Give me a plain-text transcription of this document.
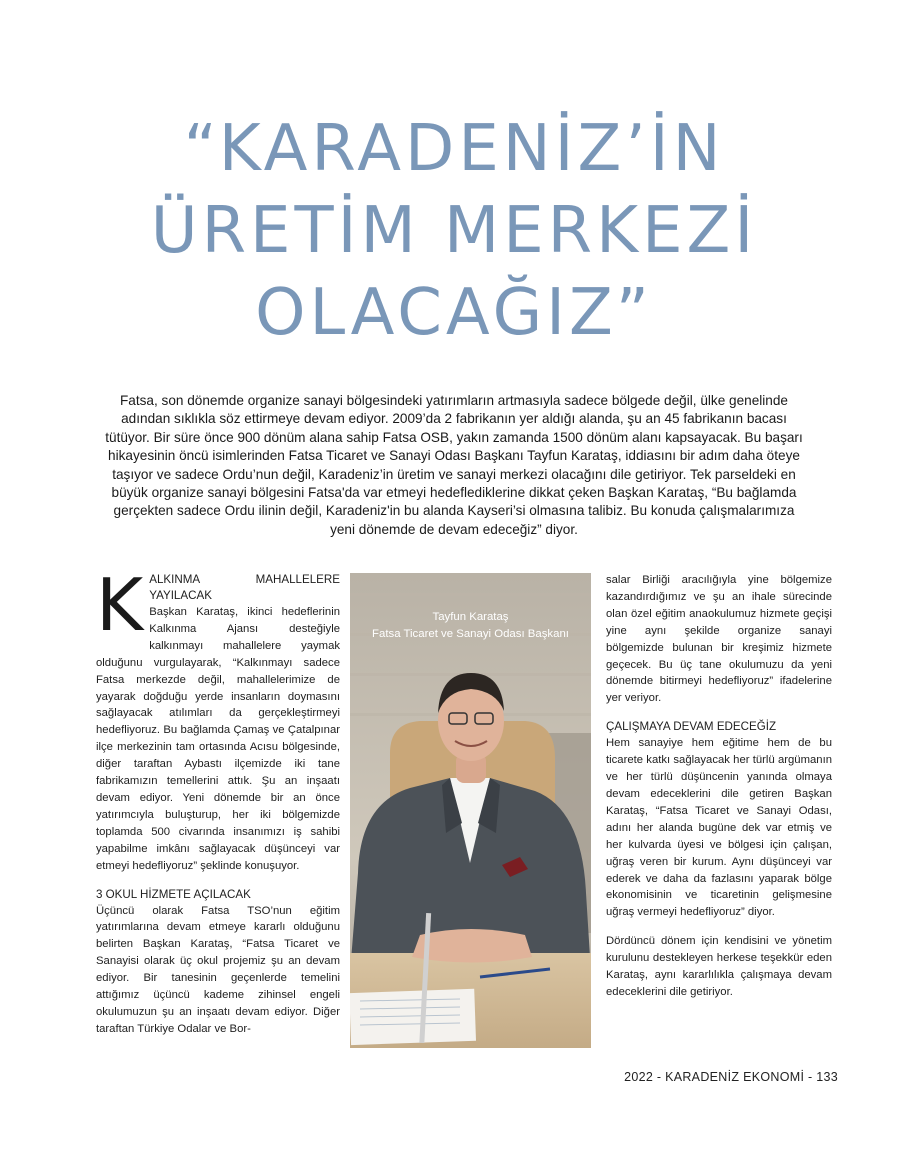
“KARADENİZ’İN
ÜRETİM MERKEZİ
OLACAĞIZ”
Fatsa, son dönemde organize sanayi bölgesindeki yatırımların artmasıyla sadece bölgede değil, ülke genelinde adından sıklıkla söz ettirmeye devam ediyor. 2009’da 2 fabrikanın yer aldığı alanda, şu an 45 fabrikanın bacası tütüyor. Bir süre önce 900 dönüm alana sahip Fatsa OSB, yakın zamanda 1500 dönüm alanı kapsayacak. Bu başarı hikayesinin öncü isimlerinden Fatsa Ticaret ve Sanayi Odası Başkanı Tayfun Karataş, iddiasını bir adım daha öteye taşıyor ve sadece Ordu’nun değil, Karadeniz’in üretim ve sanayi merkezi olacağını dile getiriyor. Tek parseldeki en büyük organize sanayi bölgesini Fatsa'da var etmeyi hedeflediklerine dikkat çeken Başkan Karataş, “Bu bağlamda gerçekten sadece Ordu ilinin değil, Karadeniz'in bu alanda Kayseri’si olmasına talibiz. Bu konuda çalışmalarımıza yeni dönemde de devam edeceğiz” diyor.
K ALKINMA MAHALLELERE YAYILACAK

Başkan Karataş, ikinci hedeflerinin Kalkınma Ajansı desteğiyle kalkınmayı mahallelere yaymak olduğunu vurgulayarak, “Kalkınmayı sadece Fatsa merkezde değil, mahallelerimize de yayarak doğduğu yerde insanların doymasını sağlayacak atılımları da gerçekleştirmeyi hedefliyoruz. Bu bağlamda Çamaş ve Çatalpınar ilçe merkezinin tam ortasında Acısu bölgesinde, diğer taraftan Aybastı ilçemizde iki tane fabrikamızın temellerini attık. Şu an inşaatı devam ediyor. Yeni dönemde bir an önce yatırımcıyla buluşturup, her iki bölgemizde toplamda 500 civarında insanımızı iş sahibi yapabilme imkânı sağlayacak düşünceyi var etmeyi hedefliyoruz” şeklinde konuşuyor.

3 OKUL HİZMETE AÇILACAK

Üçüncü olarak Fatsa TSO’nun eğitim yatırımlarına devam etmeye kararlı olduğunu belirten Başkan Karataş, “Fatsa Ticaret ve Sanayisi olarak üç okul projemiz şu an devam ediyor. Bir tanesinin geçenlerde temelini attığımız üçüncü kademe zihinsel engeli okulumuzun şu an inşaatı devam ediyor. Diğer taraftan Türkiye Odalar ve Bor-

Tayfun Karataş
Fatsa Ticaret ve Sanayi Odası Başkanı

salar Birliği aracılığıyla yine bölgemize kazandırdığımız ve şu an ihale sürecinde olan özel eğitim anaokulumuz hizmete geçişi yine aynı şekilde organize sanayi bölgemizde bulunan bir kreşimiz hizmete geçecek. Bu üç tane okulumuzu da yeni dönemde bitirmeyi hedefliyoruz” ifadelerine yer veriyor.

ÇALIŞMAYA DEVAM EDECEĞİZ

Hem sanayiye hem eğitime hem de bu ticarete katkı sağlayacak her türlü argümanın ve her türlü düşüncenin yanında olmaya devam edeceklerini dile getiren Başkan Karataş, “Fatsa Ticaret ve Sanayi Odası, adını her alanda bugüne dek var etmiş ve her kulvarda üyesi ve bölgesi için çalışan, uğraş veren bir kurum. Aynı düşünceyi var ederek ve daha da fazlasını yaparak bölge ekonomisinin ve ticaretinin gelişmesine uğraş vermeyi hedefliyoruz” diyor.

Dördüncü dönem için kendisini ve yönetim kurulunu destekleyen herkese teşekkür eden Karataş, aynı kararlılıkla çalışmaya devam edeceklerini dile getiriyor.

2022 - KARADENİZ EKONOMİ - 133
